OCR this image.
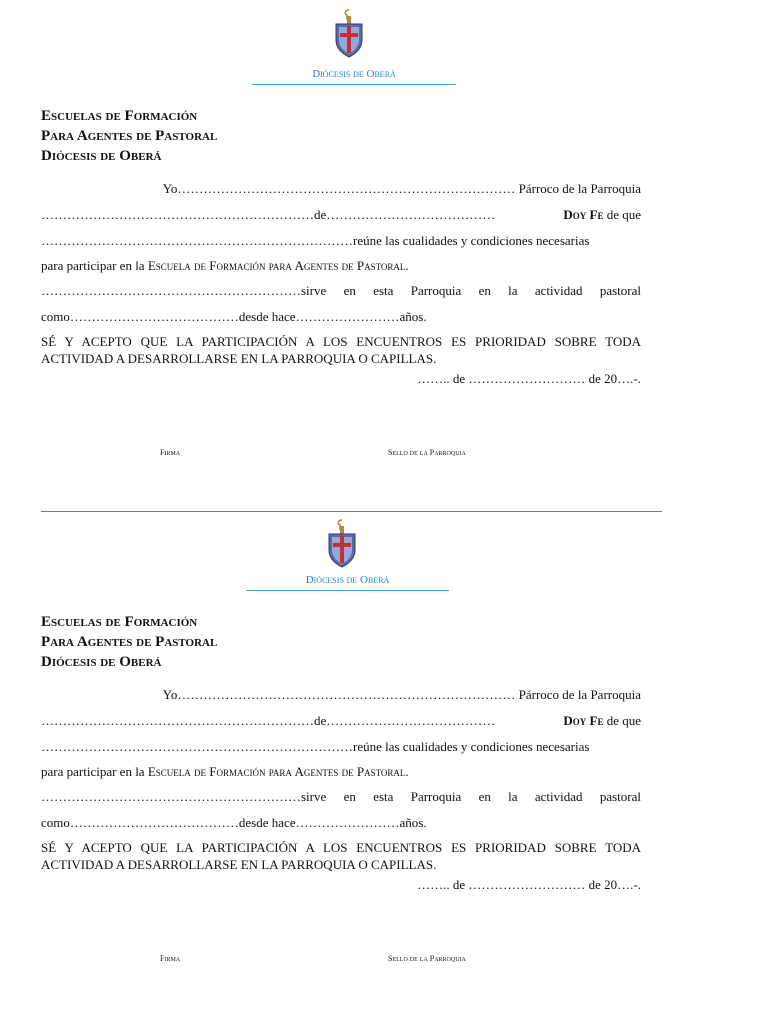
Diócesis de Oberá
Escuelas de Formación
Para Agentes de Pastoral
Diócesis de Oberá
Yo…………………………………………………………………… Párroco de la Parroquia
………………………………………………………de…………………………………	Doy Fe de que
………………………………………………………………reúne las cualidades y condiciones necesarias
para participar en la Escuela de Formación para Agentes de Pastoral.
……………………………………………………sirve en esta Parroquia en la actividad pastoral
como…………………………………desde hace……………………años.
SÉ Y ACEPTO QUE LA PARTICIPACIÓN A LOS ENCUENTROS ES PRIORIDAD SOBRE TODA ACTIVIDAD A DESARROLLARSE EN LA PARROQUIA O CAPILLAS.
…….. de ……………………… de 20….-.
Firma	Sello de la Parroquia
Diócesis de Oberá
Escuelas de Formación
Para Agentes de Pastoral
Diócesis de Oberá
Yo…………………………………………………………………… Párroco de la Parroquia
………………………………………………………de…………………………………	Doy Fe de que
………………………………………………………………reúne las cualidades y condiciones necesarias
para participar en la Escuela de Formación para Agentes de Pastoral.
……………………………………………………sirve en esta Parroquia en la actividad pastoral
como…………………………………desde hace……………………años.
SÉ Y ACEPTO QUE LA PARTICIPACIÓN A LOS ENCUENTROS ES PRIORIDAD SOBRE TODA ACTIVIDAD A DESARROLLARSE EN LA PARROQUIA O CAPILLAS.
…….. de ……………………… de 20….-.
Firma	Sello de la Parroquia
